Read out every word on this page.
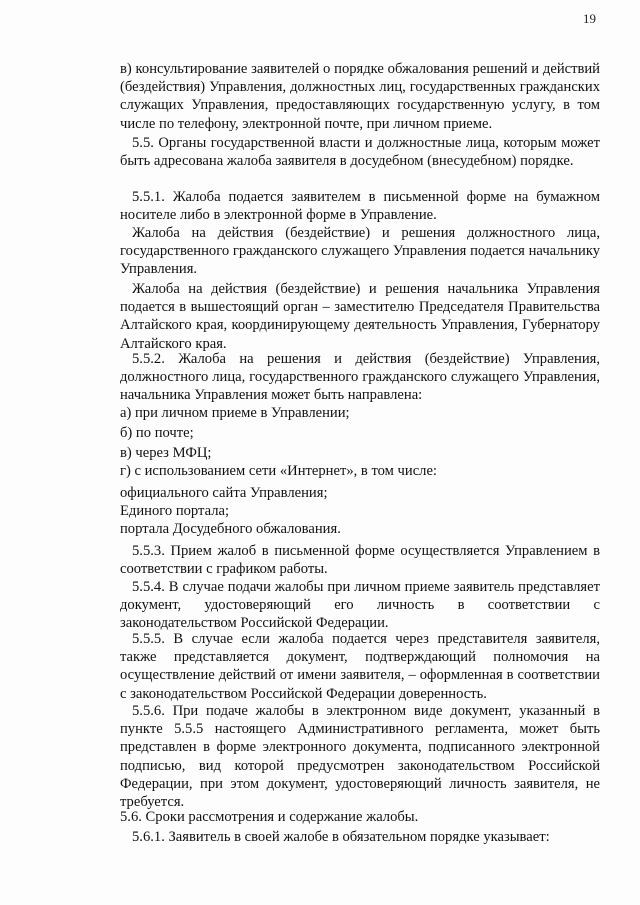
19

в) консультирование заявителей о порядке обжалования решений и действий (бездействия) Управления, должностных лиц, государственных гражданских служащих Управления, предоставляющих государственную услугу, в том числе по телефону, электронной почте, при личном приеме.

5.5. Органы государственной власти и должностные лица, которым может быть адресована жалоба заявителя в досудебном (внесудебном) порядке.

5.5.1. Жалоба подается заявителем в письменной форме на бумажном носителе либо в электронной форме в Управление.

Жалоба на действия (бездействие) и решения должностного лица, государственного гражданского служащего Управления подается начальнику Управления.

Жалоба на действия (бездействие) и решения начальника Управления подается в вышестоящий орган – заместителю Председателя Правительства Алтайского края, координирующему деятельность Управления, Губернатору Алтайского края.

5.5.2. Жалоба на решения и действия (бездействие) Управления, должностного лица, государственного гражданского служащего Управления, начальника Управления может быть направлена:

а) при личном приеме в Управлении;

б) по почте;

в) через МФЦ;

г) с использованием сети «Интернет», в том числе:

официального сайта Управления;

Единого портала;

портала Досудебного обжалования.

5.5.3. Прием жалоб в письменной форме осуществляется Управлением в соответствии с графиком работы.

5.5.4. В случае подачи жалобы при личном приеме заявитель представляет документ, удостоверяющий его личность в соответствии с законодательством Российской Федерации.

5.5.5. В случае если жалоба подается через представителя заявителя, также представляется документ, подтверждающий полномочия на осуществление действий от имени заявителя, – оформленная в соответствии с законодательством Российской Федерации доверенность.

5.5.6. При подаче жалобы в электронном виде документ, указанный в пункте 5.5.5 настоящего Административного регламента, может быть представлен в форме электронного документа, подписанного электронной подписью, вид которой предусмотрен законодательством Российской Федерации, при этом документ, удостоверяющий личность заявителя, не требуется.

5.6. Сроки рассмотрения и содержание жалобы.

5.6.1. Заявитель в своей жалобе в обязательном порядке указывает:
